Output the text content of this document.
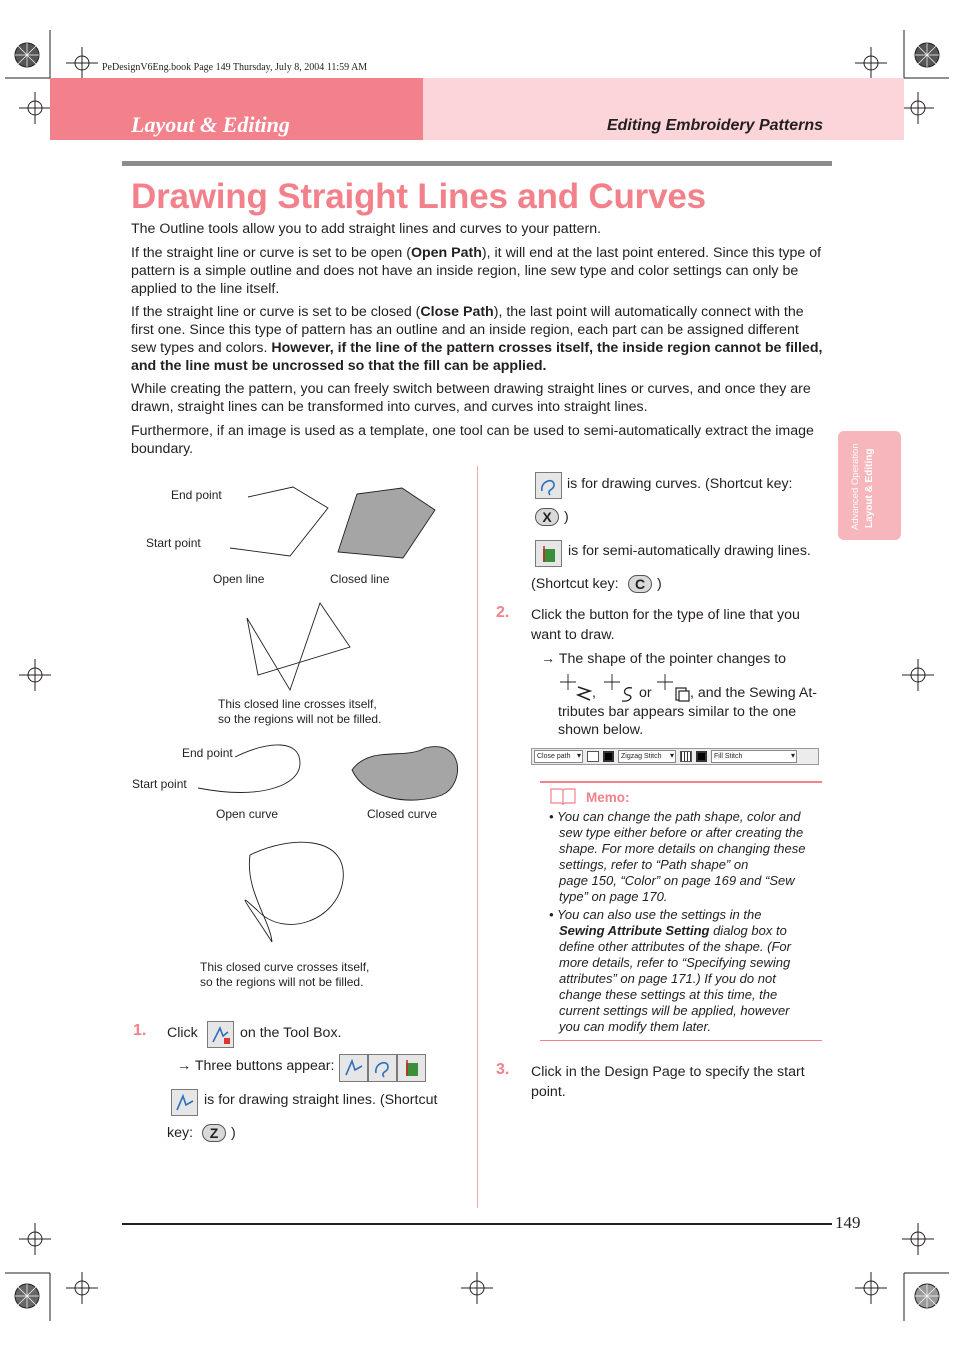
PeDesignV6Eng.book Page 149 Thursday, July 8, 2004 11:59 AM
Layout & Editing	Editing Embroidery Patterns
Advanced Operation Layout & Editing
Drawing Straight Lines and Curves

The Outline tools allow you to add straight lines and curves to your pattern.

If the straight line or curve is set to be open (Open Path), it will end at the last point entered. Since this type of pattern is a simple outline and does not have an inside region, line sew type and color settings can only be applied to the line itself.

If the straight line or curve is set to be closed (Close Path), the last point will automatically connect with the first one. Since this type of pattern has an outline and an inside region, each part can be assigned different sew types and colors. However, if the line of the pattern crosses itself, the inside region cannot be filled, and the line must be uncrossed so that the fill can be applied.

While creating the pattern, you can freely switch between drawing straight lines or curves, and once they are drawn, straight lines can be transformed into curves, and curves into straight lines.

Furthermore, if an image is used as a template, one tool can be used to semi-automatically extract the image boundary.

End point
Start point
Open line	Closed line
This closed line crosses itself,
so the regions will not be filled.
End point
Start point
Open curve	Closed curve
This closed curve crosses itself,
so the regions will not be filled.
1. Click	on the Tool Box.
→ Three buttons appear:
is for drawing straight lines. (Shortcut
key:	Z )
is for drawing curves. (Shortcut key:
X )
is for semi-automatically drawing lines.
(Shortcut key:	C )
2. Click the button for the type of line that you
want to draw.
→ The shape of the pointer changes to
,	or	, and the Sewing At-
tributes bar appears similar to the one
shown below.
Close path ▾	Zigzag Stitch ▾	Fill Stitch ▾
Memo:
• You can change the path shape, color and
sew type either before or after creating the
shape. For more details on changing these
settings, refer to “Path shape” on
page 150, “Color” on page 169 and “Sew
type” on page 170.
• You can also use the settings in the
Sewing Attribute Setting dialog box to
define other attributes of the shape. (For
more details, refer to “Specifying sewing
attributes” on page 171.) If you do not
change these settings at this time, the
current settings will be applied, however
you can modify them later.
3. Click in the Design Page to specify the start
point.
149
